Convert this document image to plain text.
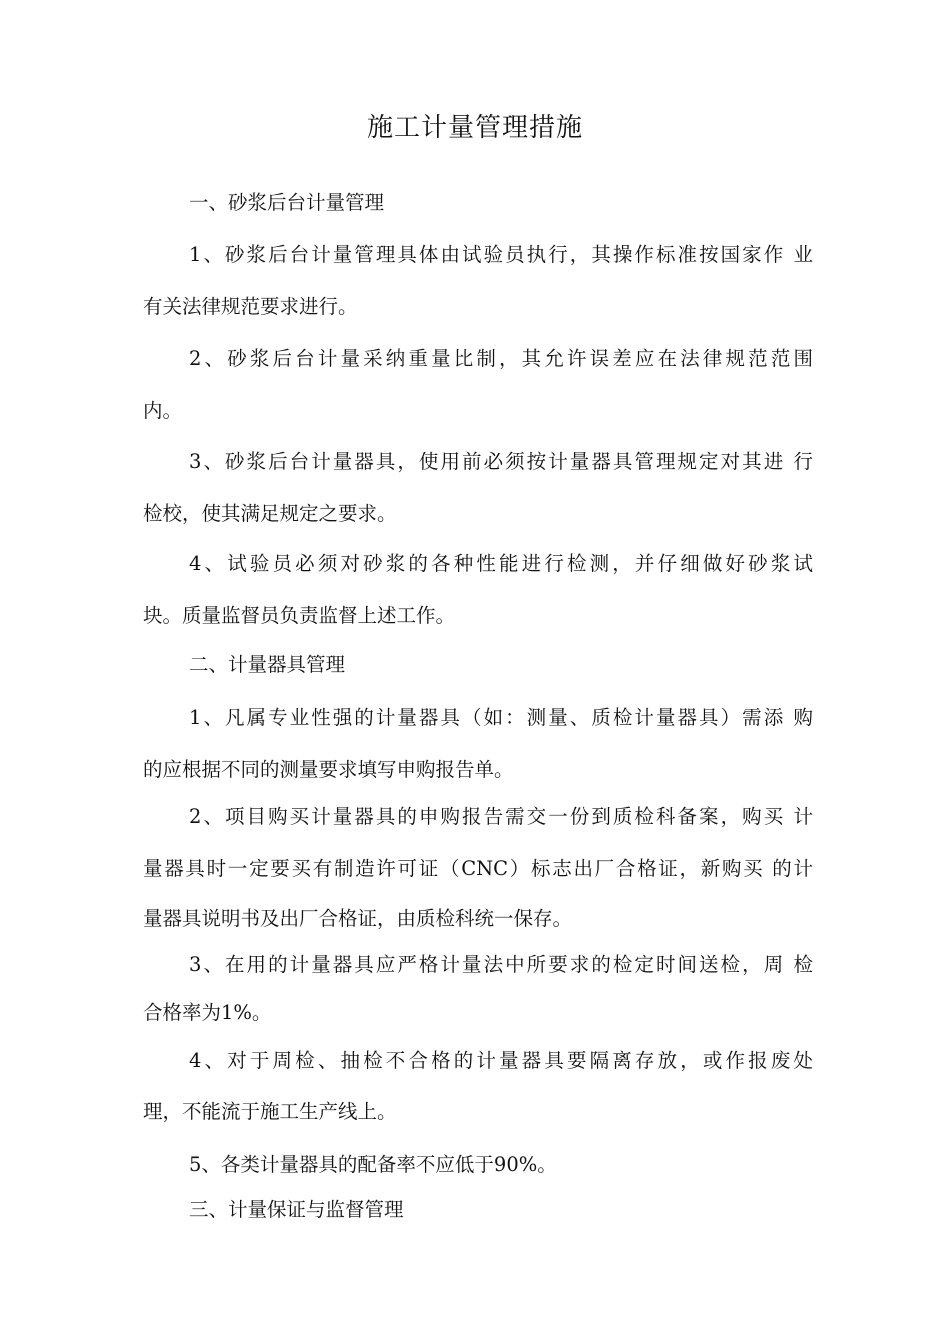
施工计量管理措施
一、砂浆后台计量管理
1、砂浆后台计量管理具体由试验员执行，其操作标准按国家作 业
有关法律规范要求进行。
2、砂浆后台计量采纳重量比制，其允许误差应在法律规范范围
内。
3、砂浆后台计量器具，使用前必须按计量器具管理规定对其进 行
检校，使其满足规定之要求。
4、试验员必须对砂浆的各种性能进行检测，并仔细做好砂浆试
块。质量监督员负责监督上述工作。
二、计量器具管理
1、凡属专业性强的计量器具（如：测量、质检计量器具）需添 购
的应根据不同的测量要求填写申购报告单。
2、项目购买计量器具的申购报告需交一份到质检科备案，购买 计
量器具时一定要买有制造许可证（CNC）标志出厂合格证，新购买 的计
量器具说明书及出厂合格证，由质检科统一保存。
3、在用的计量器具应严格计量法中所要求的检定时间送检，周 检
合格率为1%。
4、对于周检、抽检不合格的计量器具要隔离存放，或作报废处
理，不能流于施工生产线上。
5、各类计量器具的配备率不应低于90%。
三、计量保证与监督管理
